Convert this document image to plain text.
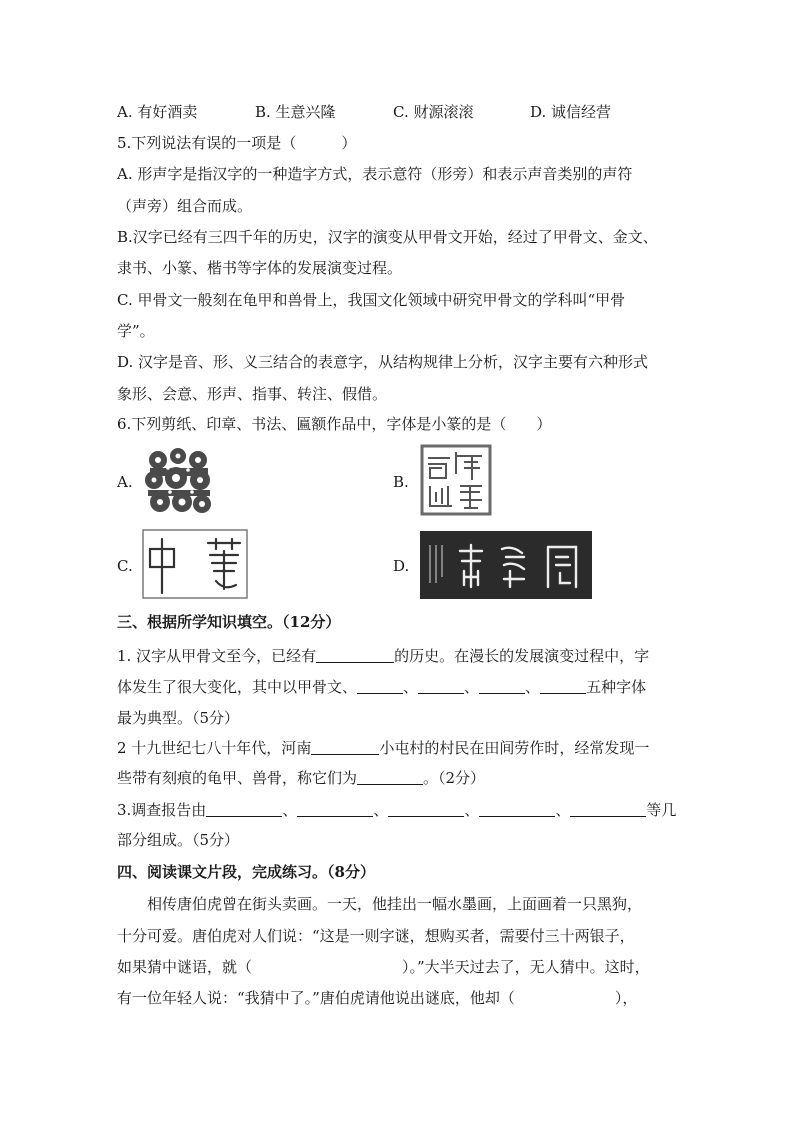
A. 有好酒卖	B. 生意兴隆	C. 财源滚滚	D. 诚信经营
5.下列说法有误的一项是（　　　）
A. 形声字是指汉字的一种造字方式，表示意符（形旁）和表示声音类别的声符
（声旁）组合而成。
B.汉字已经有三四千年的历史，汉字的演变从甲骨文开始，经过了甲骨文、金文、
隶书、小篆、楷书等字体的发展演变过程。
C. 甲骨文一般刻在龟甲和兽骨上，我国文化领域中研究甲骨文的学科叫“甲骨
学”。
D. 汉字是音、形、义三结合的表意字，从结构规律上分析，汉字主要有六种形式
象形、会意、形声、指事、转注、假借。
6.下列剪纸、印章、书法、匾额作品中，字体是小篆的是（　　）
A.	B.
C.	D.
三、根据所学知识填空。（12分）
1. 汉字从甲骨文至今，已经有	的历史。在漫长的发展演变过程中，字
体发生了很大变化，其中以甲骨文、	、	、	、	五种字体
最为典型。（5分）
2 十九世纪七八十年代，河南	小屯村的村民在田间劳作时，经常发现一
些带有刻痕的龟甲、兽骨，称它们为	。（2分）
3.调查报告由	、	、	、	、	等几
部分组成。（5分）
四、阅读课文片段，完成练习。（8分）
相传唐伯虎曾在街头卖画。一天，他挂出一幅水墨画，上面画着一只黑狗，
十分可爱。唐伯虎对人们说：“这是一则字谜，想购买者，需要付三十两银子，
如果猜中谜语，就（	）。”大半天过去了，无人猜中。这时，
有一位年轻人说：“我猜中了。”唐伯虎请他说出谜底，他却（	），
